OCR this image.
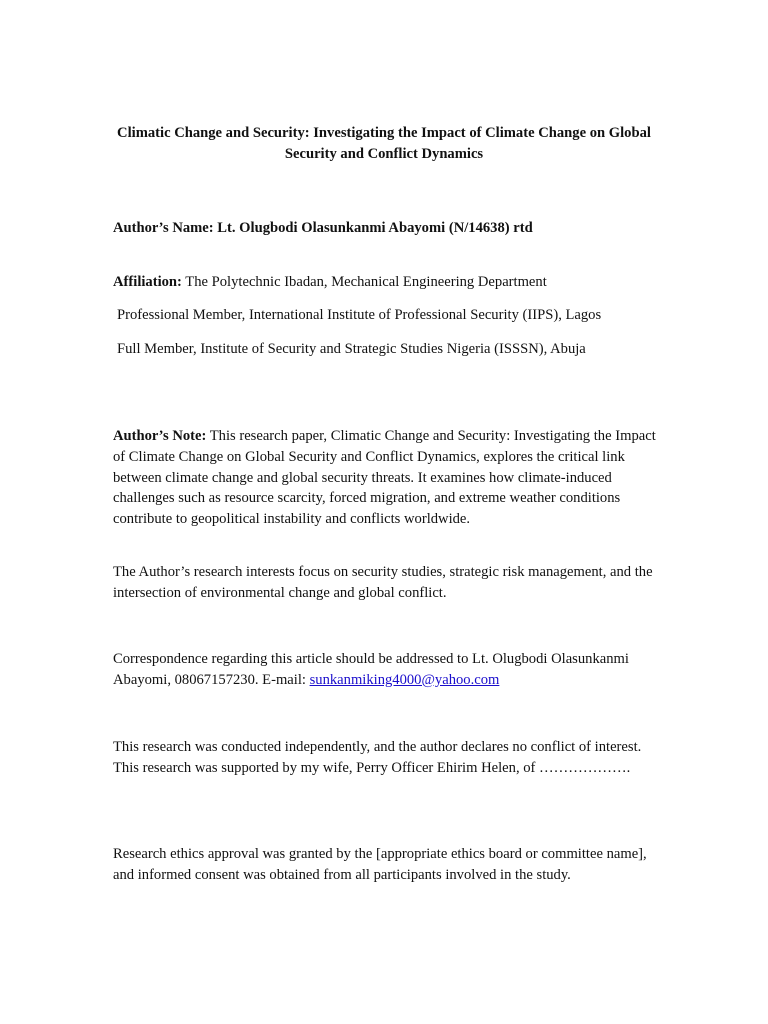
Climatic Change and Security: Investigating the Impact of Climate Change on Global Security and Conflict Dynamics

Author’s Name: Lt. Olugbodi Olasunkanmi Abayomi (N/14638) rtd

Affiliation: The Polytechnic Ibadan, Mechanical Engineering Department

Professional Member, International Institute of Professional Security (IIPS), Lagos

Full Member, Institute of Security and Strategic Studies Nigeria (ISSSN), Abuja

Author’s Note: This research paper, Climatic Change and Security: Investigating the Impact of Climate Change on Global Security and Conflict Dynamics, explores the critical link between climate change and global security threats. It examines how climate-induced challenges such as resource scarcity, forced migration, and extreme weather conditions contribute to geopolitical instability and conflicts worldwide.

The Author’s research interests focus on security studies, strategic risk management, and the intersection of environmental change and global conflict.

Correspondence regarding this article should be addressed to Lt. Olugbodi Olasunkanmi Abayomi, 08067157230. E-mail: sunkanmiking4000@yahoo.com

This research was conducted independently, and the author declares no conflict of interest. This research was supported by my wife, Perry Officer Ehirim Helen, of ……………….

Research ethics approval was granted by the [appropriate ethics board or committee name], and informed consent was obtained from all participants involved in the study.
